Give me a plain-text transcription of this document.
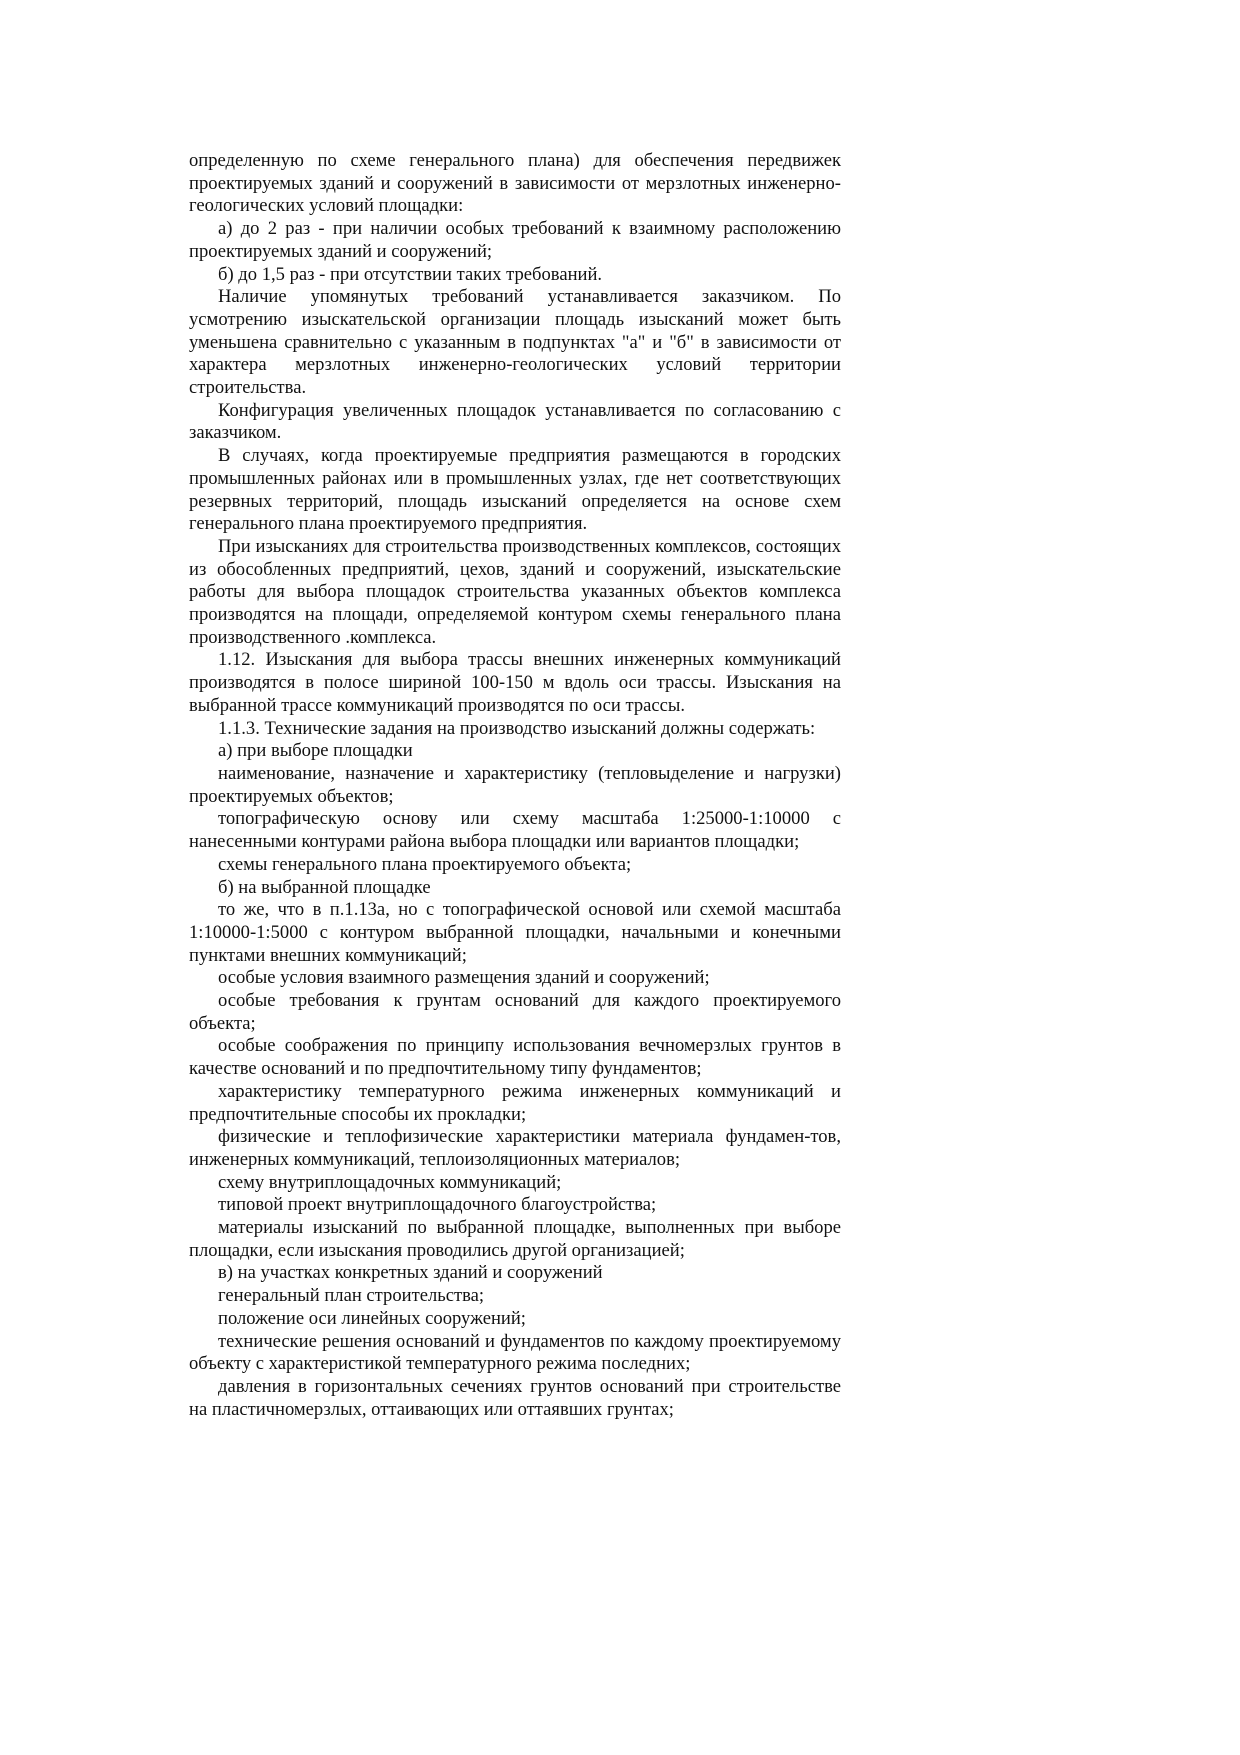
определенную по схеме генерального плана) для обеспечения передвижек проектируемых зданий и сооружений в зависимости от мерзлотных инженерно-геологических условий площадки:

а) до 2 раз - при наличии особых требований к взаимному расположению проектируемых зданий и сооружений;

б) до 1,5 раз - при отсутствии таких требований.

Наличие упомянутых требований устанавливается заказчиком. По усмотрению изыскательской организации площадь изысканий может быть уменьшена сравнительно с указанным в подпунктах "а" и "б" в зависимости от характера мерзлотных инженерно-геологических условий территории строительства.

Конфигурация увеличенных площадок устанавливается по согласованию с заказчиком.

В случаях, когда проектируемые предприятия размещаются в городских промышленных районах или в промышленных узлах, где нет соответствующих резервных территорий, площадь изысканий определяется на основе схем генерального плана проектируемого предприятия.

При изысканиях для строительства производственных комплексов, состоящих из обособленных предприятий, цехов, зданий и сооружений, изыскательские работы для выбора площадок строительства указанных объектов комплекса производятся на площади, определяемой контуром схемы генерального плана производственного .комплекса.

1.12. Изыскания для выбора трассы внешних инженерных коммуникаций производятся в полосе шириной 100-150 м вдоль оси трассы. Изыскания на выбранной трассе коммуникаций производятся по оси трассы.

1.1.3. Технические задания на производство изысканий должны содержать:

а) при выборе площадки

наименование, назначение и характеристику (тепловыделение и нагрузки) проектируемых объектов;

топографическую основу или схему масштаба 1:25000-1:10000 с нанесенными контурами района выбора площадки или вариантов площадки;

схемы генерального плана проектируемого объекта;

б) на выбранной площадке

то же, что в п.1.13а, но с топографической основой или схемой масштаба 1:10000-1:5000 с контуром выбранной площадки, начальными и конечными пунктами внешних коммуникаций;

особые условия взаимного размещения зданий и сооружений;

особые требования к грунтам оснований для каждого проектируемого объекта;

особые соображения по принципу использования вечномерзлых грунтов в качестве оснований и по предпочтительному типу фундаментов;

характеристику температурного режима инженерных коммуникаций и предпочтительные способы их прокладки;

физические и теплофизические характеристики материала фундамен-тов, инженерных коммуникаций, теплоизоляционных материалов;

схему внутриплощадочных коммуникаций;

типовой проект внутриплощадочного благоустройства;

материалы изысканий по выбранной площадке, выполненных при выборе площадки, если изыскания проводились другой организацией;

в) на участках конкретных зданий и сооружений

генеральный план строительства;

положение оси линейных сооружений;

технические решения оснований и фундаментов по каждому проектируемому объекту с характеристикой температурного режима последних;

давления в горизонтальных сечениях грунтов оснований при строительстве на пластичномерзлых, оттаивающих или оттаявших грунтах;
